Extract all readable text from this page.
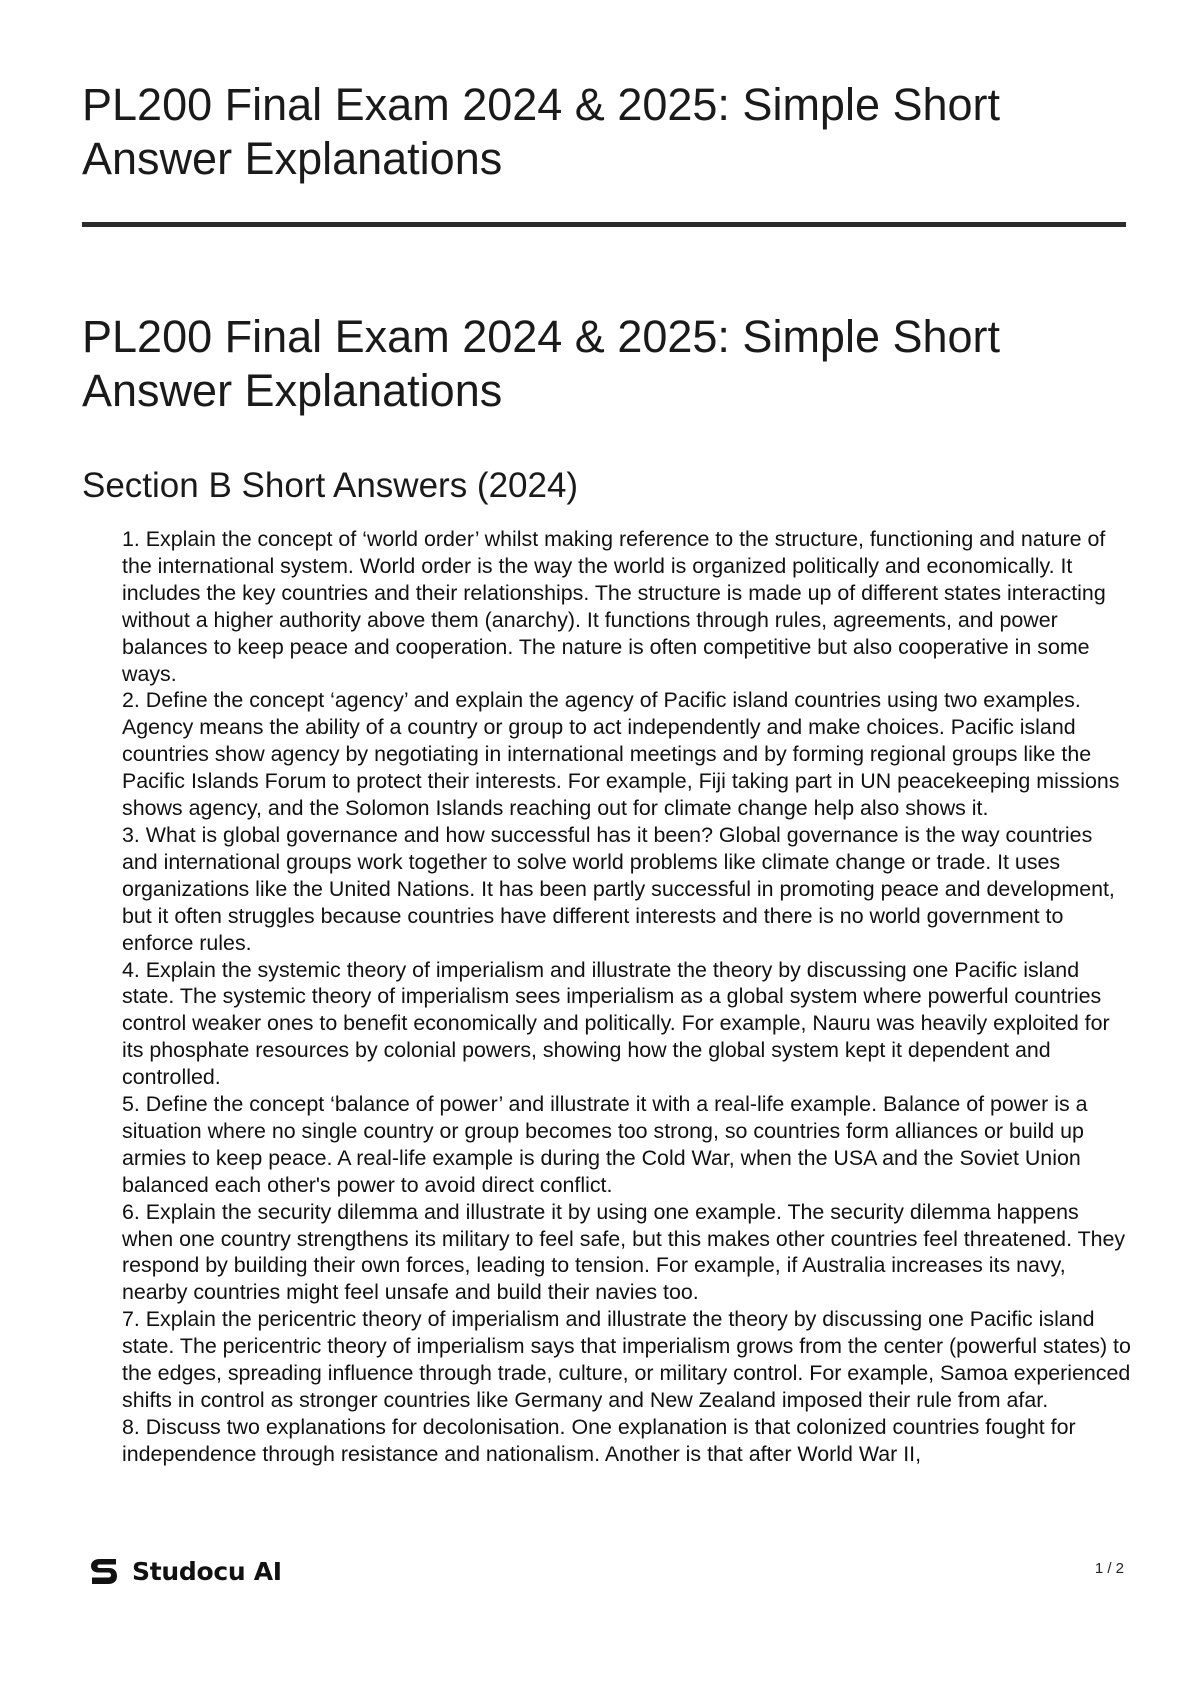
PL200 Final Exam 2024 & 2025: Simple Short Answer Explanations
PL200 Final Exam 2024 & 2025: Simple Short Answer Explanations
Section B Short Answers (2024)
1. Explain the concept of ‘world order’ whilst making reference to the structure, functioning and nature of the international system. World order is the way the world is organized politically and economically. It includes the key countries and their relationships. The structure is made up of different states interacting without a higher authority above them (anarchy). It functions through rules, agreements, and power balances to keep peace and cooperation. The nature is often competitive but also cooperative in some ways.
2. Define the concept ‘agency’ and explain the agency of Pacific island countries using two examples. Agency means the ability of a country or group to act independently and make choices. Pacific island countries show agency by negotiating in international meetings and by forming regional groups like the Pacific Islands Forum to protect their interests. For example, Fiji taking part in UN peacekeeping missions shows agency, and the Solomon Islands reaching out for climate change help also shows it.
3. What is global governance and how successful has it been? Global governance is the way countries and international groups work together to solve world problems like climate change or trade. It uses organizations like the United Nations. It has been partly successful in promoting peace and development, but it often struggles because countries have different interests and there is no world government to enforce rules.
4. Explain the systemic theory of imperialism and illustrate the theory by discussing one Pacific island state. The systemic theory of imperialism sees imperialism as a global system where powerful countries control weaker ones to benefit economically and politically. For example, Nauru was heavily exploited for its phosphate resources by colonial powers, showing how the global system kept it dependent and controlled.
5. Define the concept ‘balance of power’ and illustrate it with a real-life example. Balance of power is a situation where no single country or group becomes too strong, so countries form alliances or build up armies to keep peace. A real-life example is during the Cold War, when the USA and the Soviet Union balanced each other's power to avoid direct conflict.
6. Explain the security dilemma and illustrate it by using one example. The security dilemma happens when one country strengthens its military to feel safe, but this makes other countries feel threatened. They respond by building their own forces, leading to tension. For example, if Australia increases its navy, nearby countries might feel unsafe and build their navies too.
7. Explain the pericentric theory of imperialism and illustrate the theory by discussing one Pacific island state. The pericentric theory of imperialism says that imperialism grows from the center (powerful states) to the edges, spreading influence through trade, culture, or military control. For example, Samoa experienced shifts in control as stronger countries like Germany and New Zealand imposed their rule from afar.
8. Discuss two explanations for decolonisation. One explanation is that colonized countries fought for independence through resistance and nationalism. Another is that after World War II,
Studocu AI	1 / 2
